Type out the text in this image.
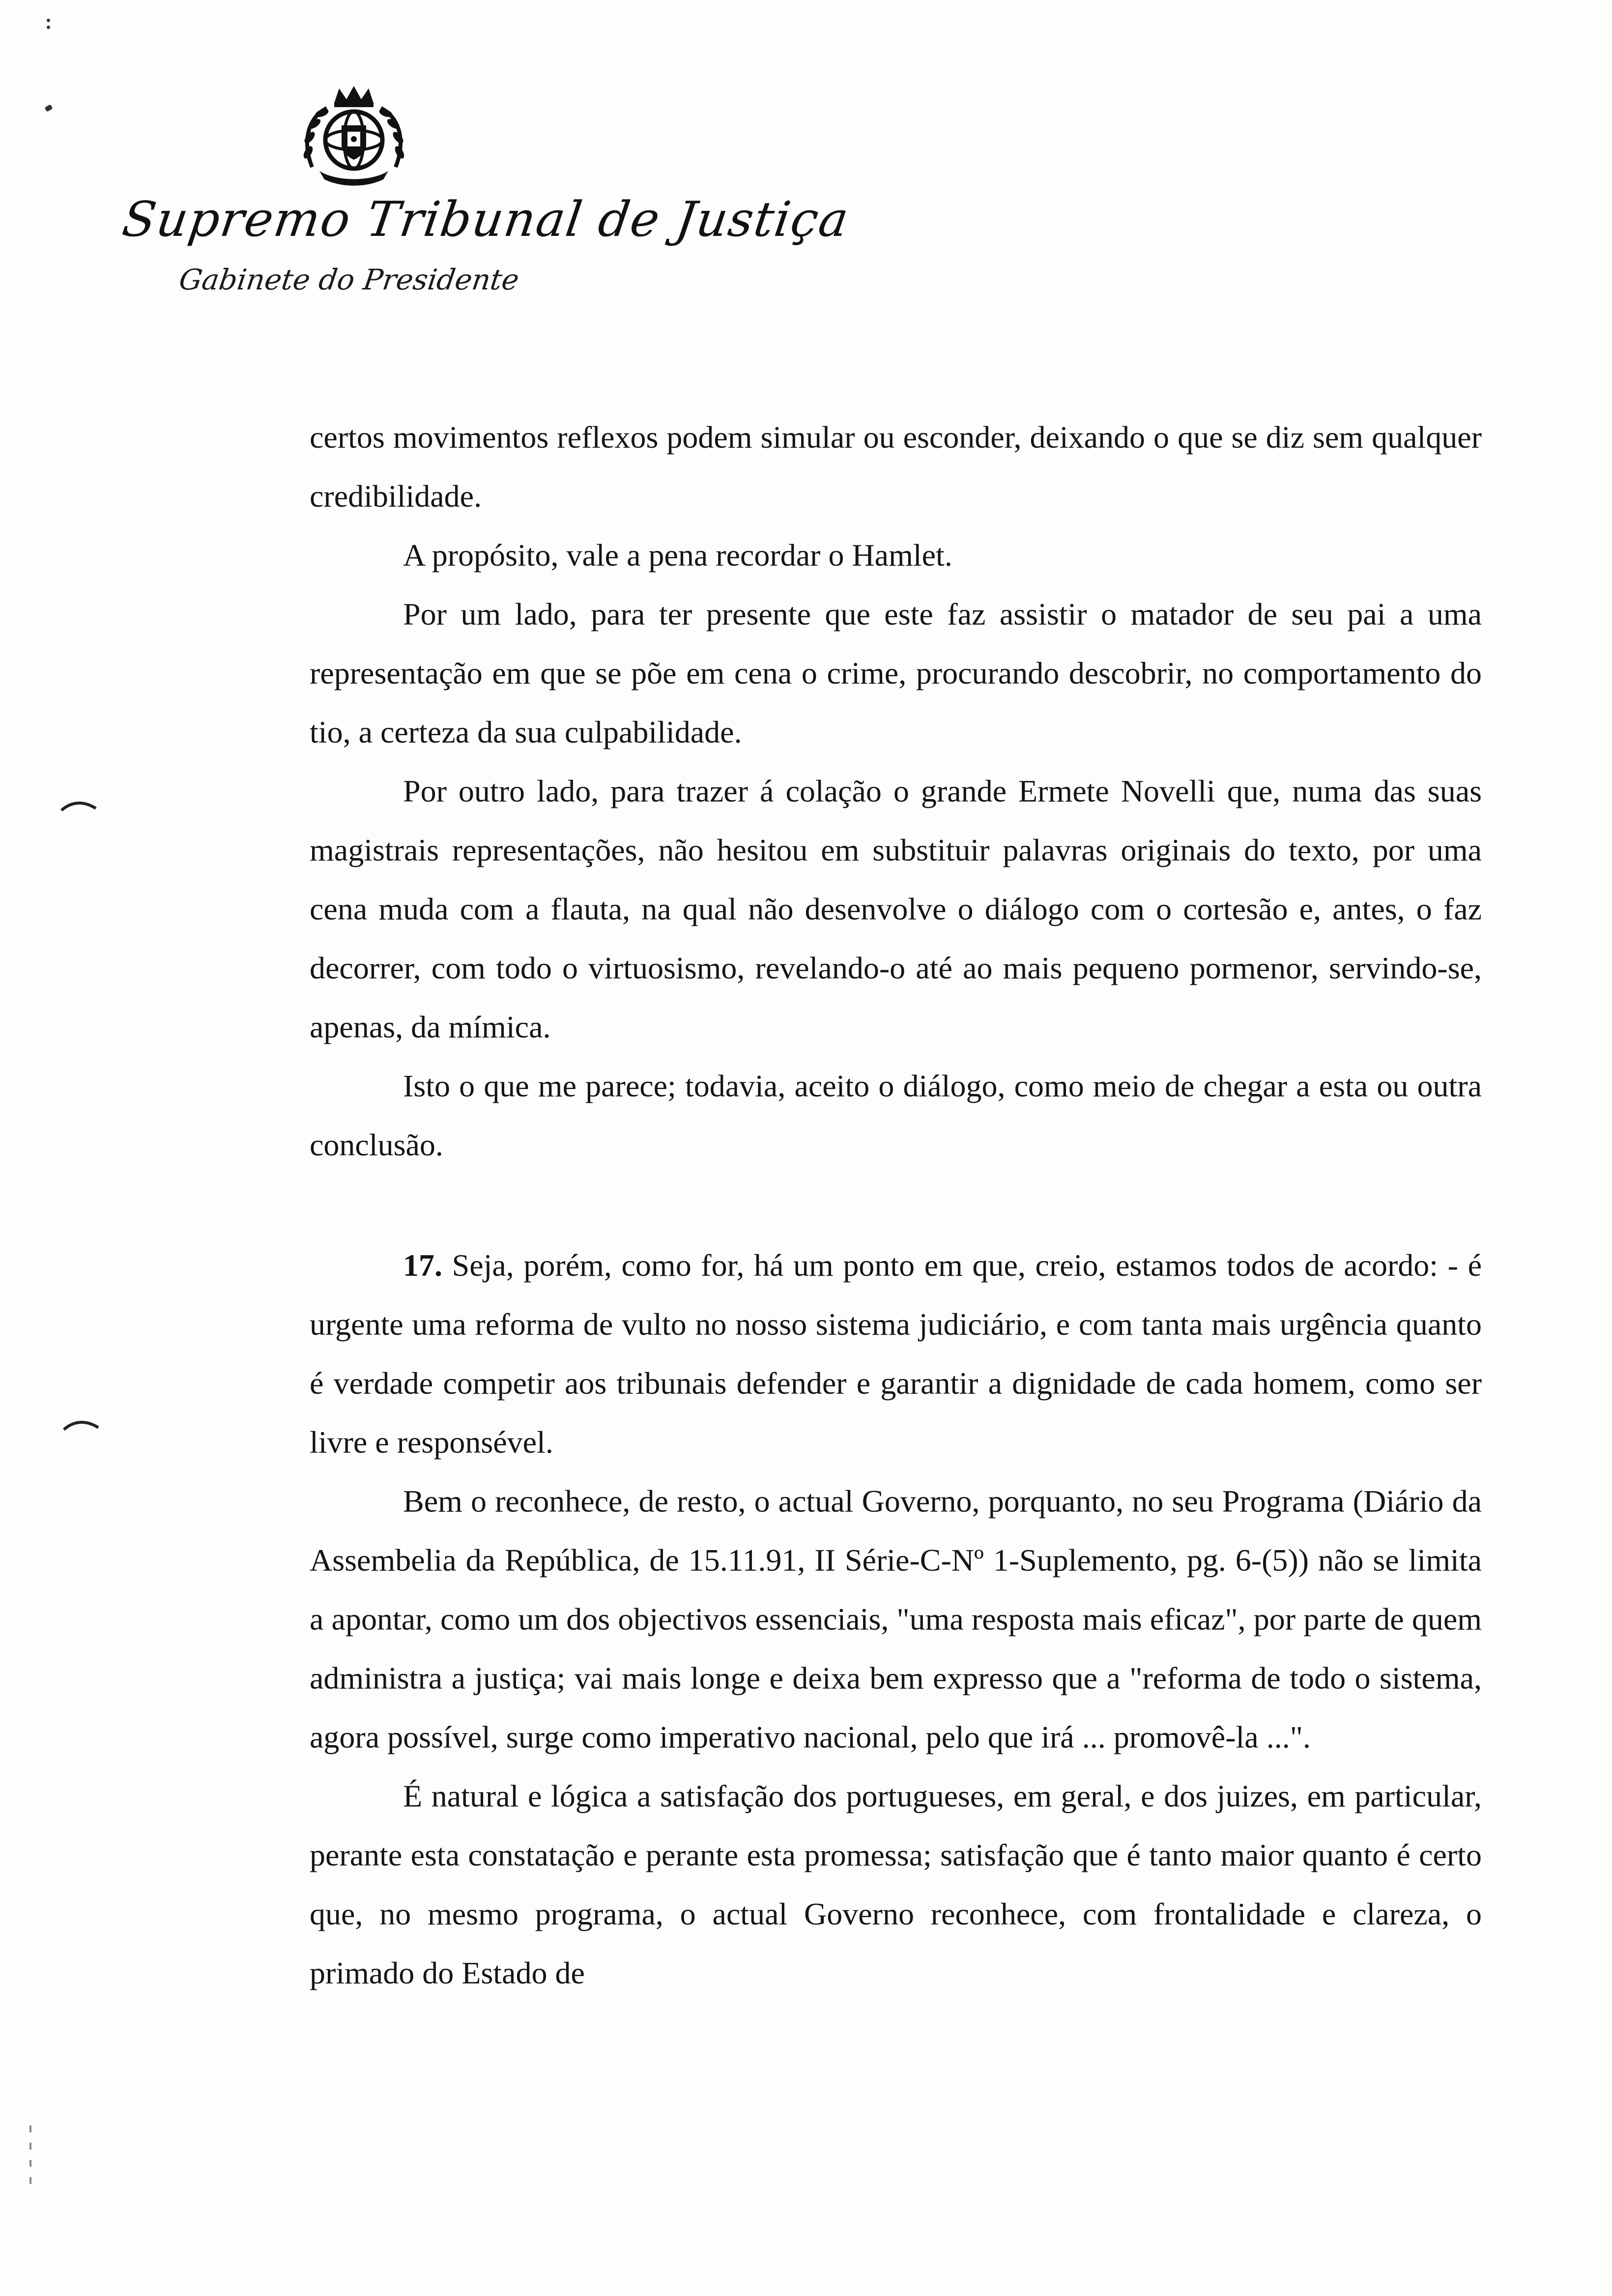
Supremo Tribunal de Justiça
Gabinete do Presidente

certos movimentos reflexos podem simular ou esconder, deixando o que se diz sem qualquer credibilidade.

A propósito, vale a pena recordar o Hamlet.

Por um lado, para ter presente que este faz assistir o matador de seu pai a uma representação em que se põe em cena o crime, procurando descobrir, no comportamento do tio, a certeza da sua culpabilidade.

Por outro lado, para trazer á colação o grande Ermete Novelli que, numa das suas magistrais representações, não hesitou em substituir palavras originais do texto, por uma cena muda com a flauta, na qual não desenvolve o diálogo com o cortesão e, antes, o faz decorrer, com todo o virtuosismo, revelando-o até ao mais pequeno pormenor, servindo-se, apenas, da mímica.

Isto o que me parece; todavia, aceito o diálogo, como meio de chegar a esta ou outra conclusão.

17. Seja, porém, como for, há um ponto em que, creio, estamos todos de acordo: - é urgente uma reforma de vulto no nosso sistema judiciário, e com tanta mais urgência quanto é verdade competir aos tribunais defender e garantir a dignidade de cada homem, como ser livre e responsével.

Bem o reconhece, de resto, o actual Governo, porquanto, no seu Programa (Diário da Assembelia da República, de 15.11.91, II Série-C-Nº 1-Suplemento, pg. 6-(5)) não se limita a apontar, como um dos objectivos essenciais, "uma resposta mais eficaz", por parte de quem administra a justiça; vai mais longe e deixa bem expresso que a "reforma de todo o sistema, agora possível, surge como imperativo nacional, pelo que irá ... promovê-la ...".

É natural e lógica a satisfação dos portugueses, em geral, e dos juizes, em particular, perante esta constatação e perante esta promessa; satisfação que é tanto maior quanto é certo que, no mesmo programa, o actual Governo reconhece, com frontalidade e clareza, o primado do Estado de
